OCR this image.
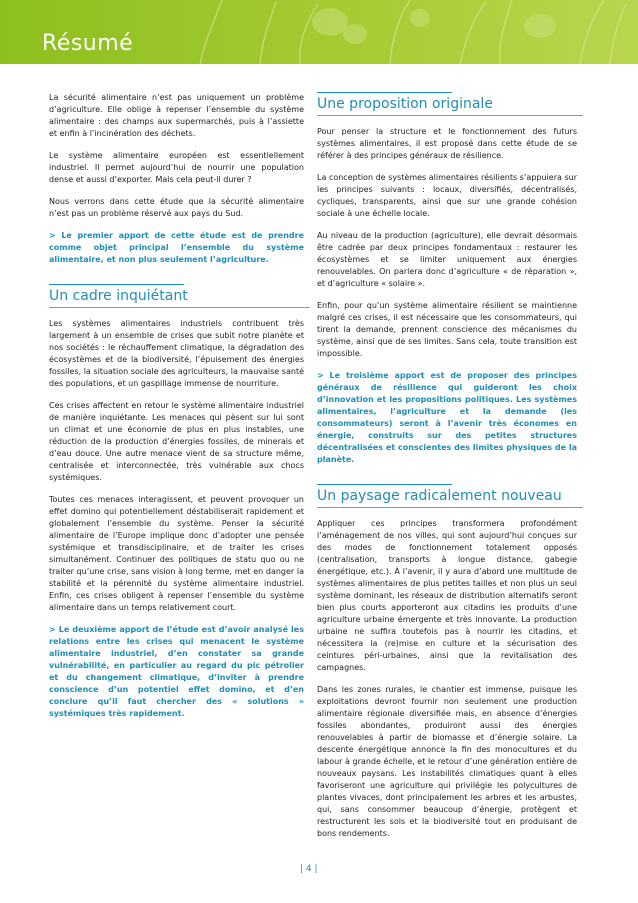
Résumé

La sécurité alimentaire n’est pas uniquement un problème d’agriculture. Elle oblige à repenser l’ensemble du système alimentaire : des champs aux supermarchés, puis à l’assiette et enfin à l’incinération des déchets.

Le système alimentaire européen est essentiellement industriel. Il permet aujourd’hui de nourrir une population dense et aussi d’exporter. Mais cela peut-il durer ?

Nous verrons dans cette étude que la sécurité alimentaire n’est pas un problème réservé aux pays du Sud.

> Le premier apport de cette étude est de prendre comme objet principal l’ensemble du système alimentaire, et non plus seulement l’agriculture.

Un cadre inquiétant

Les systèmes alimentaires industriels contribuent très largement à un ensemble de crises que subit notre planète et nos sociétés : le réchauffement climatique, la dégradation des écosystèmes et de la biodiversité, l’épuisement des énergies fossiles, la situation sociale des agriculteurs, la mauvaise santé des populations, et un gaspillage immense de nourriture.

Ces crises affectent en retour le système alimentaire industriel de manière inquiétante. Les menaces qui pèsent sur lui sont un climat et une économie de plus en plus instables, une réduction de la production d’énergies fossiles, de minerais et d’eau douce. Une autre menace vient de sa structure même, centralisée et interconnectée, très vulnérable aux chocs systémiques.

Toutes ces menaces interagissent, et peuvent provoquer un effet domino qui potentiellement déstabiliserait rapidement et globalement l’ensemble du système. Penser la sécurité alimentaire de l’Europe implique donc d’adopter une pensée systémique et transdisciplinaire, et de traiter les crises simultanément. Continuer des politiques de statu quo ou ne traiter qu’une crise, sans vision à long terme, met en danger la stabilité et la pérennité du système alimentaire industriel. Enfin, ces crises obligent à repenser l’ensemble du système alimentaire dans un temps relativement court.

> Le deuxième apport de l’étude est d’avoir analysé les relations entre les crises qui menacent le système alimentaire industriel, d’en constater sa grande vulnérabilité, en particulier au regard du pic pétrolier et du changement climatique, d’inviter à prendre conscience d’un potentiel effet domino, et d’en conclure qu’il faut chercher des « solutions » systémiques très rapidement.

Une proposition originale

Pour penser la structure et le fonctionnement des futurs systèmes alimentaires, il est proposé dans cette étude de se référer à des principes généraux de résilience.

La conception de systèmes alimentaires résilients s’appuiera sur les principes suivants : locaux, diversifiés, décentralisés, cycliques, transparents, ainsi que sur une grande cohésion sociale à une échelle locale.

Au niveau de la production (agriculture), elle devrait désormais être cadrée par deux principes fondamentaux : restaurer les écosystèmes et se limiter uniquement aux énergies renouvelables. On parlera donc d’agriculture « de réparation », et d’agriculture « solaire ».

Enfin, pour qu’un système alimentaire résilient se maintienne malgré ces crises, il est nécessaire que les consommateurs, qui tirent la demande, prennent conscience des mécanismes du système, ainsi que de ses limites. Sans cela, toute transition est impossible.

> Le troisième apport est de proposer des principes généraux de résilience qui guideront les choix d’innovation et les propositions politiques. Les systèmes alimentaires, l’agriculture et la demande (les consommateurs) seront à l’avenir très économes en énergie, construits sur des petites structures décentralisées et conscientes des limites physiques de la planète.

Un paysage radicalement nouveau

Appliquer ces principes transformera profondément l’aménagement de nos villes, qui sont aujourd’hui conçues sur des modes de fonctionnement totalement opposés (centralisation, transports à longue distance, gabegie énergétique, etc.). À l’avenir, il y aura d’abord une multitude de systèmes alimentaires de plus petites tailles et non plus un seul système dominant, les réseaux de distribution alternatifs seront bien plus courts apporteront aux citadins les produits d’une agriculture urbaine émergente et très innovante. La production urbaine ne suffira toutefois pas à nourrir les citadins, et nécessitera la (re)mise en culture et la sécurisation des ceintures péri-urbaines, ainsi que la revitalisation des campagnes.

Dans les zones rurales, le chantier est immense, puisque les exploitations devront fournir non seulement une production alimentaire régionale diversifiée mais, en absence d’énergies fossiles abondantes, produiront aussi des énergies renouvelables à partir de biomasse et d’énergie solaire. La descente énergétique annonce la fin des monocultures et du labour à grande échelle, et le retour d’une génération entière de nouveaux paysans. Les instabilités climatiques quant à elles favoriseront une agriculture qui privilégie les polycultures de plantes vivaces, dont principalement les arbres et les arbustes, qui, sans consommer beaucoup d’énergie, protègent et restructurent les sols et la biodiversité tout en produisant de bons rendements.

| 4 |
